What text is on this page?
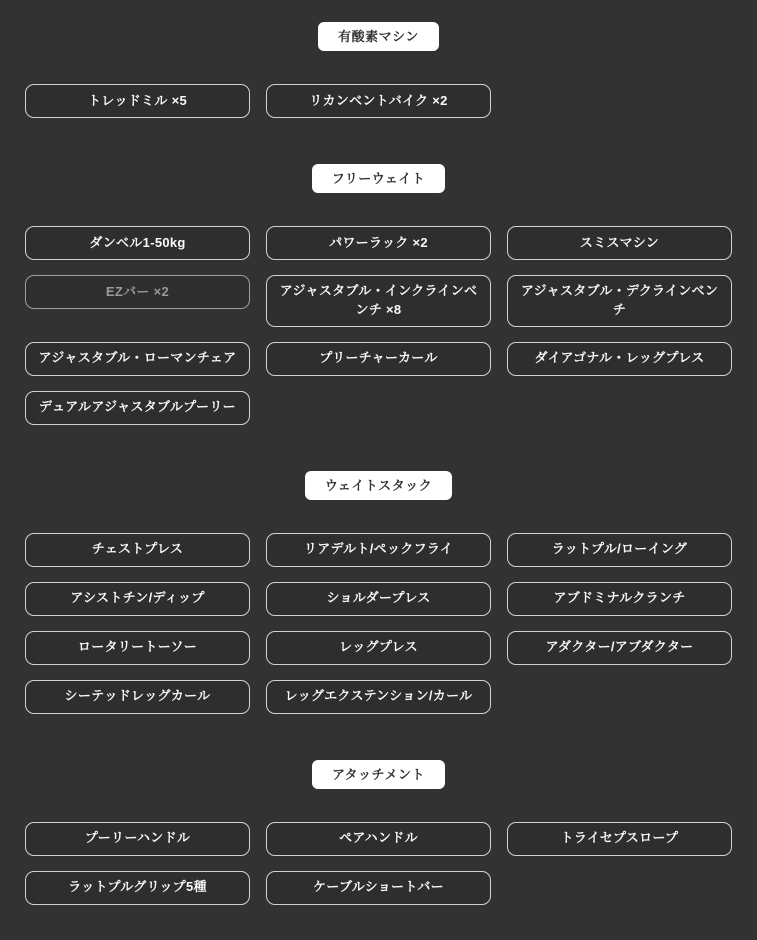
有酸素マシン
トレッドミル ×5	リカンベントバイク ×2
フリーウェイト
ダンベル1-50kg	パワーラック ×2	スミスマシン
EZバー ×2	アジャスタブル・インクラインベンチ ×8
アジャスタブル・デクラインベンチ
アジャスタブル・ローマンチェア	プリーチャーカール	ダイアゴナル・レッグプレス
デュアルアジャスタブルプーリー
ウェイトスタック
チェストプレス	リアデルト/ペックフライ	ラットプル/ローイング
アシストチン/ディップ	ショルダープレス	アブドミナルクランチ
ロータリートーソー	レッグプレス	アダクター/アブダクター
シーテッドレッグカール	レッグエクステンション/カール
アタッチメント
プーリーハンドル	ペアハンドル	トライセプスロープ
ラットプルグリップ5種	ケーブルショートバー
